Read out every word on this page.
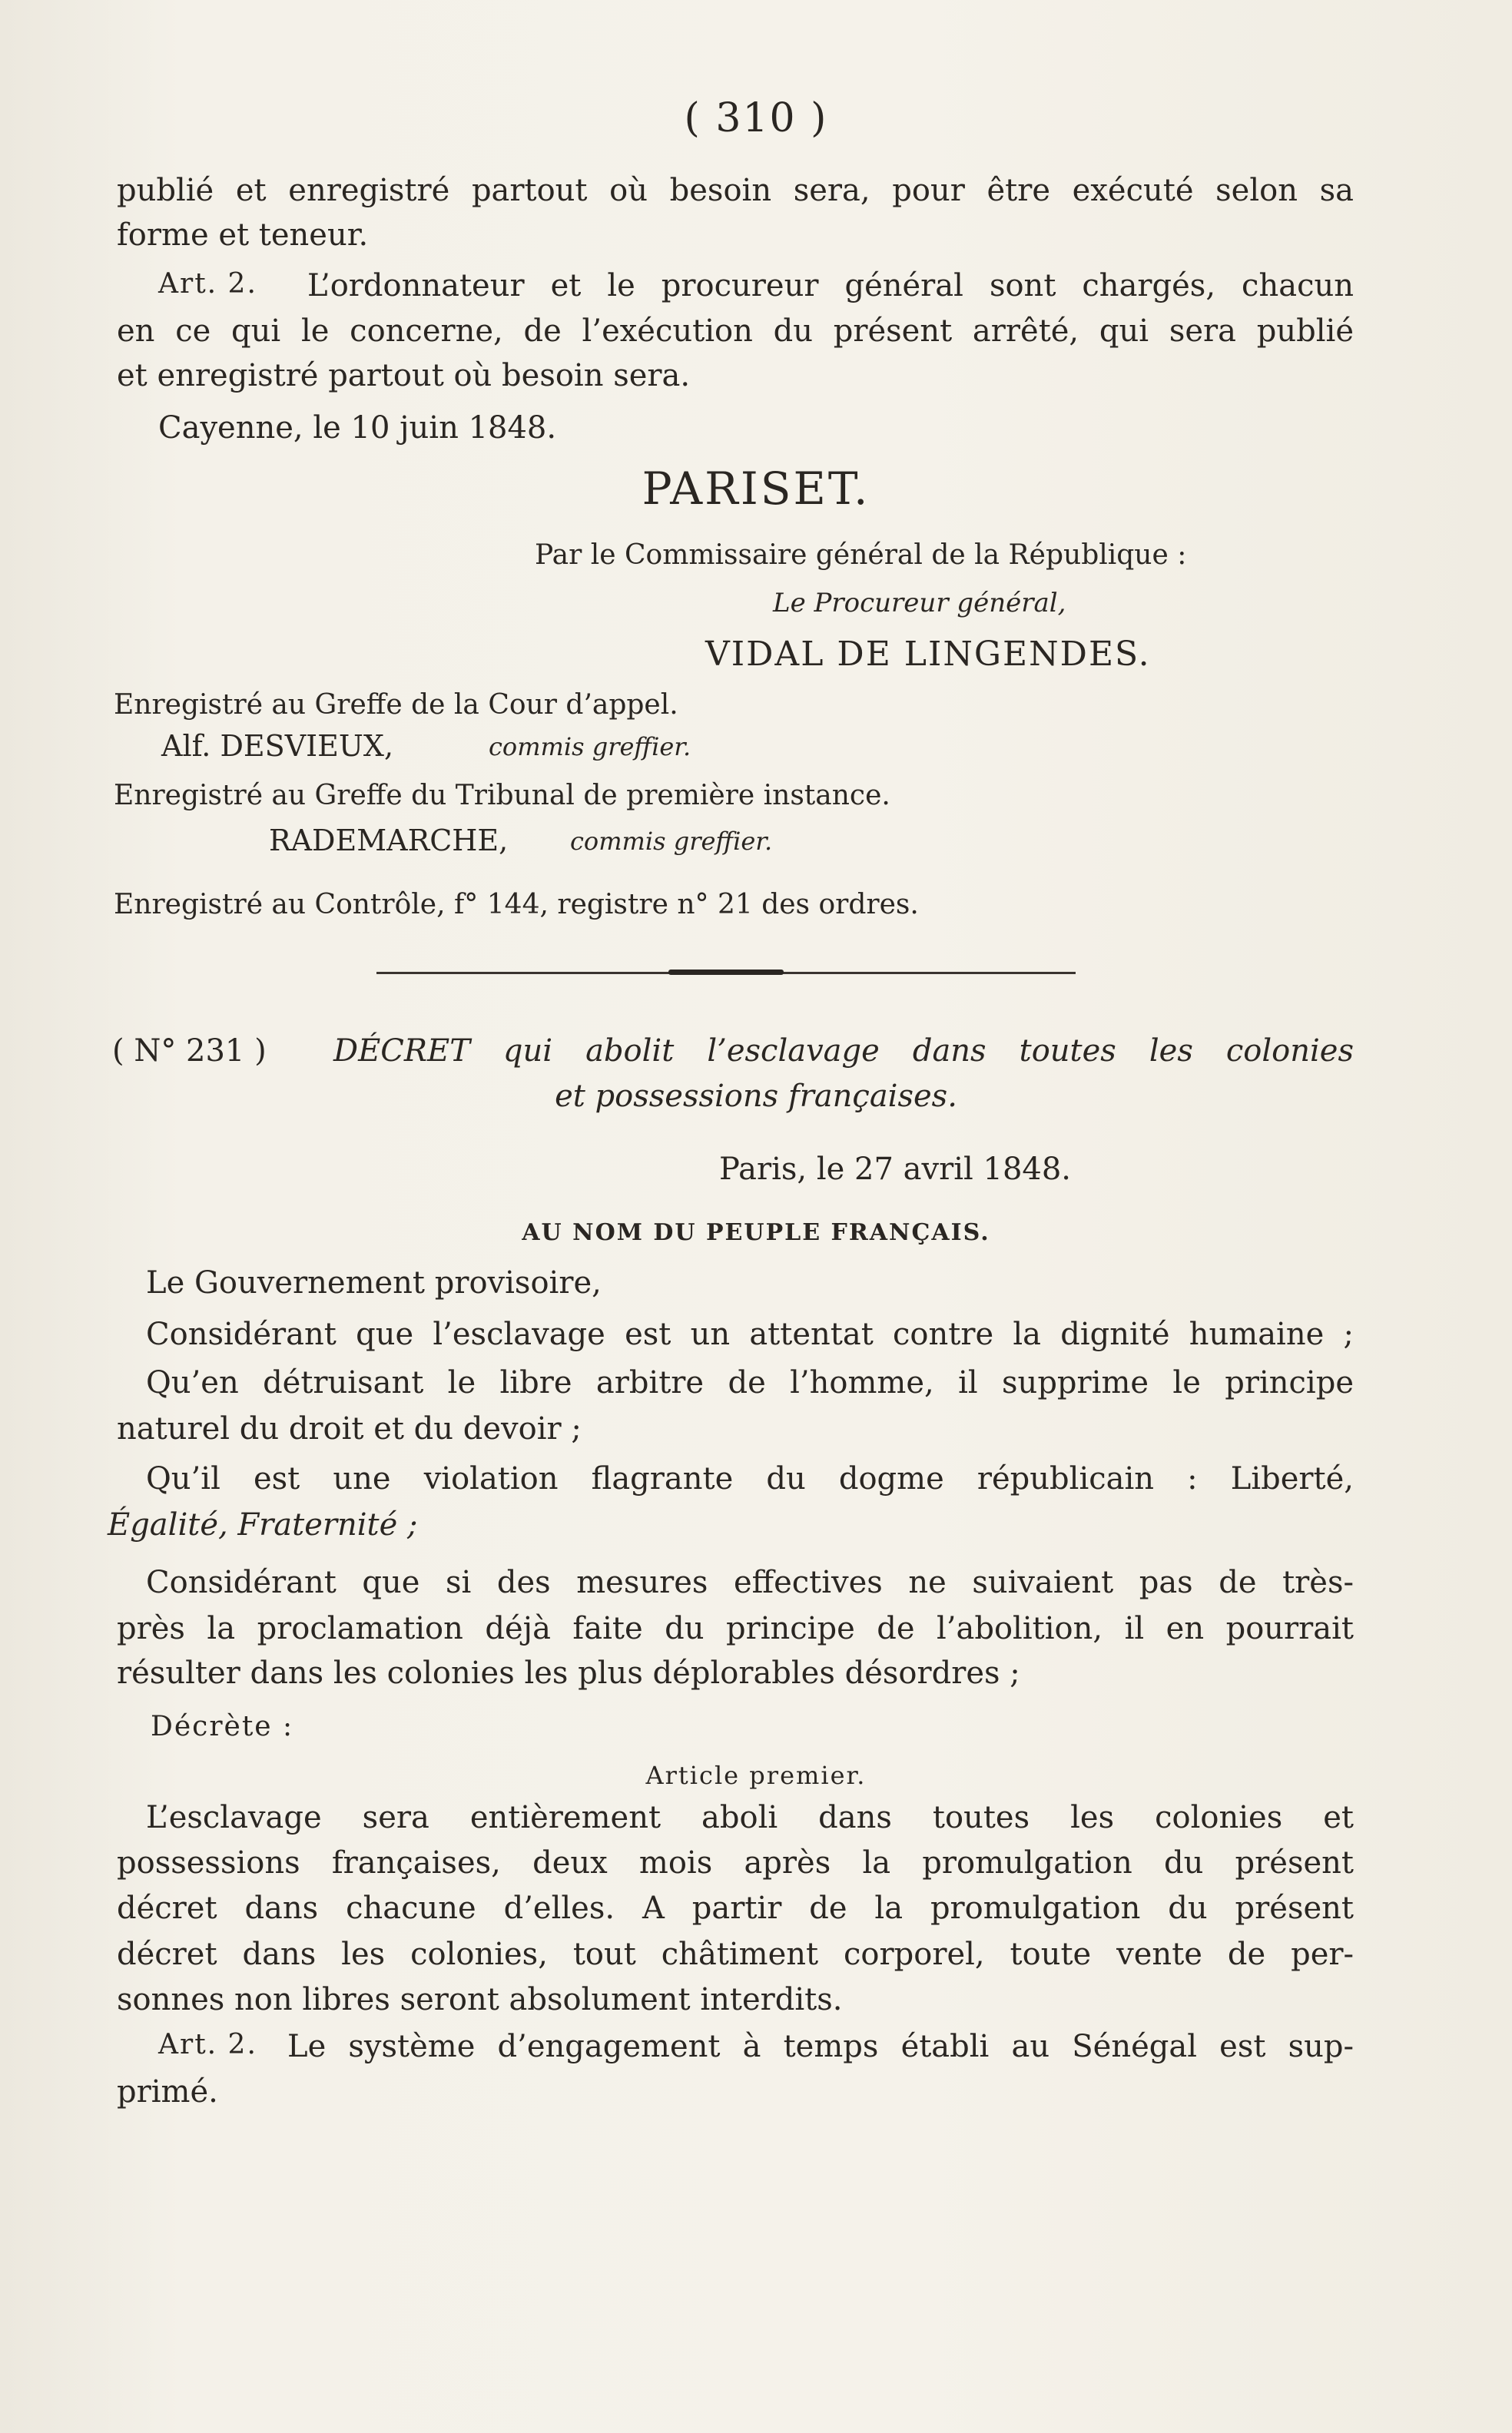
( 310 )
publié et enregistré partout où besoin sera, pour être exécuté selon sa
forme et teneur.
Art. 2. L’ordonnateur et le procureur général sont chargés, chacun
en ce qui le concerne, de l’exécution du présent arrêté, qui sera publié
et enregistré partout où besoin sera.
Cayenne, le 10 juin 1848.
PARISET.
Par le Commissaire général de la République :
Le Procureur général,
VIDAL DE LINGENDES.
Enregistré au Greffe de la Cour d’appel.
Alf. DESVIEUX,	commis greffier.
Enregistré au Greffe du Tribunal de première instance.
RADEMARCHE,	commis greffier.
Enregistré au Contrôle, f° 144, registre n° 21 des ordres.
( N° 231 ) DÉCRET qui abolit l’esclavage dans toutes les colonies
et possessions françaises.
Paris, le 27 avril 1848.
AU NOM DU PEUPLE FRANÇAIS.
Le Gouvernement provisoire,
Considérant que l’esclavage est un attentat contre la dignité humaine ;
Qu’en détruisant le libre arbitre de l’homme, il supprime le principe
naturel du droit et du devoir ;
Qu’il est une violation flagrante du dogme républicain : Liberté,
Égalité, Fraternité ;
Considérant que si des mesures effectives ne suivaient pas de très-
près la proclamation déjà faite du principe de l’abolition, il en pourrait
résulter dans les colonies les plus déplorables désordres ;
Décrète :
Article premier.
L’esclavage sera entièrement aboli dans toutes les colonies et
possessions françaises, deux mois après la promulgation du présent
décret dans chacune d’elles. A partir de la promulgation du présent
décret dans les colonies, tout châtiment corporel, toute vente de per-
sonnes non libres seront absolument interdits.
Art. 2. Le système d’engagement à temps établi au Sénégal est sup-
primé.
